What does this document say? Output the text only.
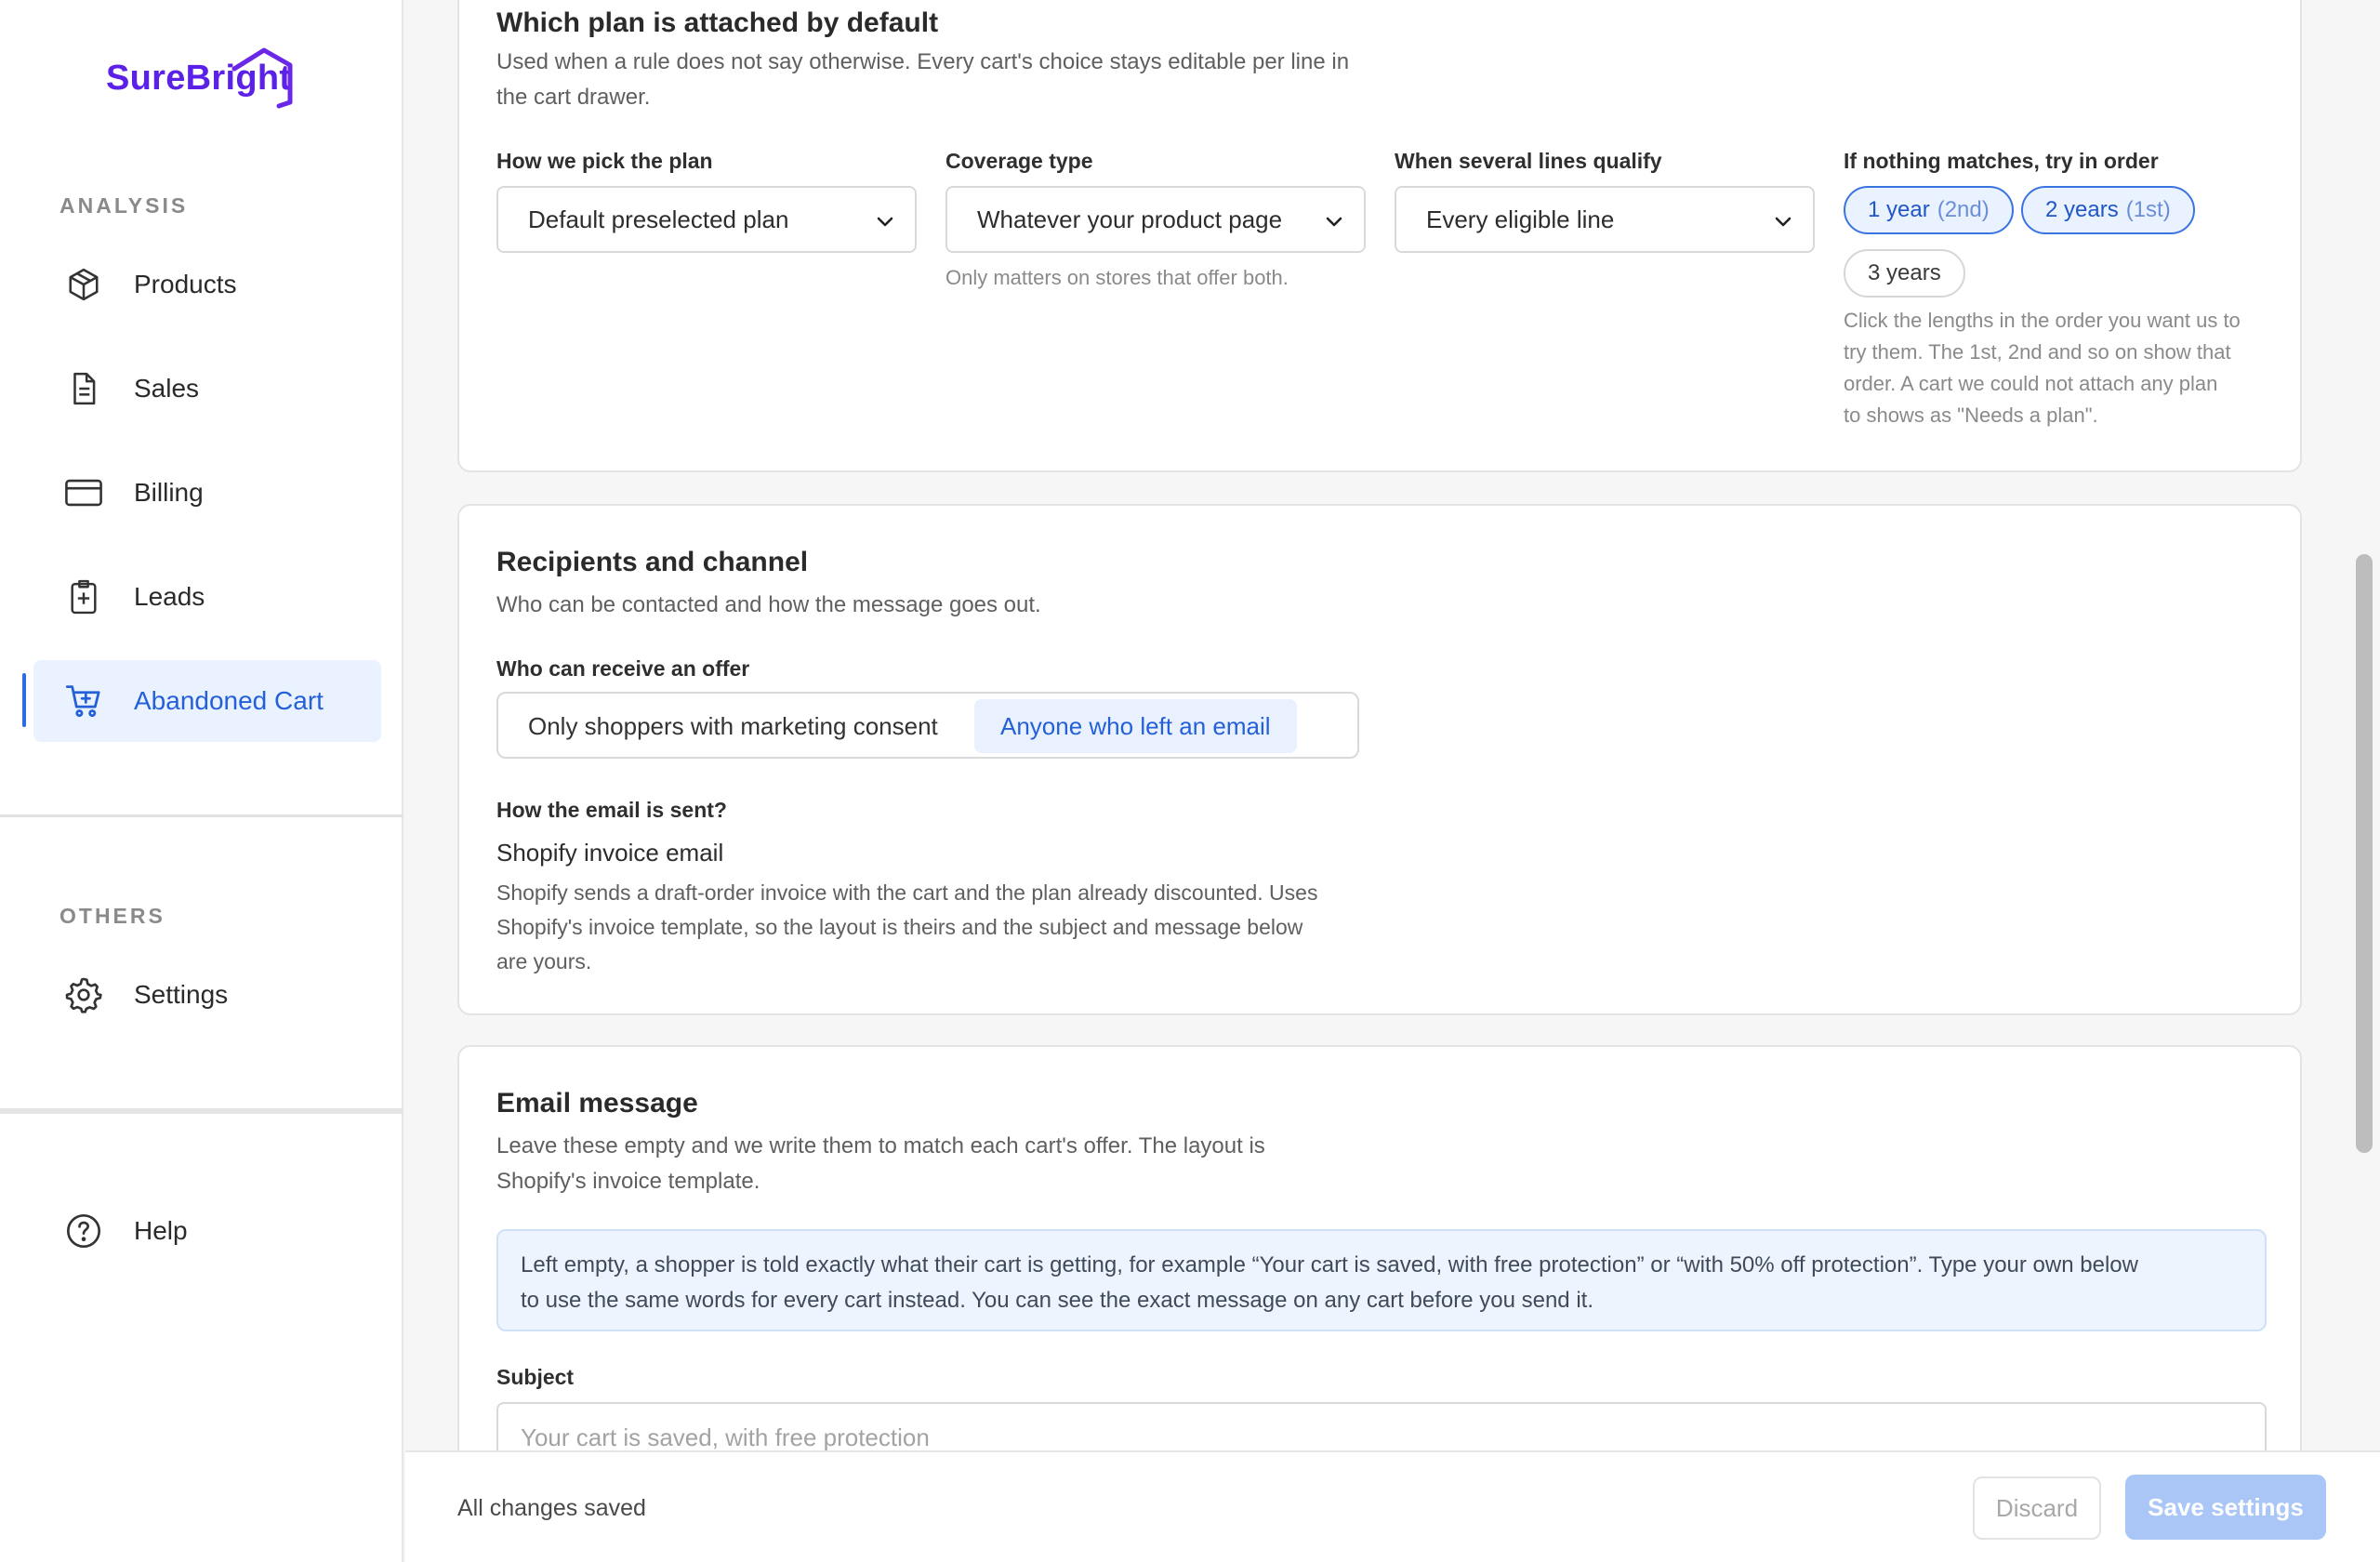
SureBright
ANALYSIS
Products
Sales
Billing
Leads
Abandoned Cart
OTHERS
Settings
Help
Which plan is attached by default

Used when a rule does not say otherwise. Every cart's choice stays editable per line in

the cart drawer.

How we pick the plan
Default preselected plan
Coverage type
Whatever your product page
Only matters on stores that offer both.
When several lines qualify
Every eligible line
If nothing matches, try in order
1 year (2nd)	2 years (1st)
3 years
Click the lengths in the order you want us to
try them. The 1st, 2nd and so on show that
order. A cart we could not attach any plan
to shows as "Needs a plan".
Recipients and channel

Who can be contacted and how the message goes out.

Who can receive an offer
Only shoppers with marketing consent	Anyone who left an email
How the email is sent?
Shopify invoice email
Shopify sends a draft-order invoice with the cart and the plan already discounted. Uses
Shopify's invoice template, so the layout is theirs and the subject and message below
are yours.
Email message
Leave these empty and we write them to match each cart's offer. The layout is
Shopify's invoice template.
Left empty, a shopper is told exactly what their cart is getting, for example “Your cart is saved, with free protection” or “with 50% off protection”. Type your own below
to use the same words for every cart instead. You can see the exact message on any cart before you send it.
Subject
Your cart is saved, with free protection
All changes saved	Discard	Save settings
